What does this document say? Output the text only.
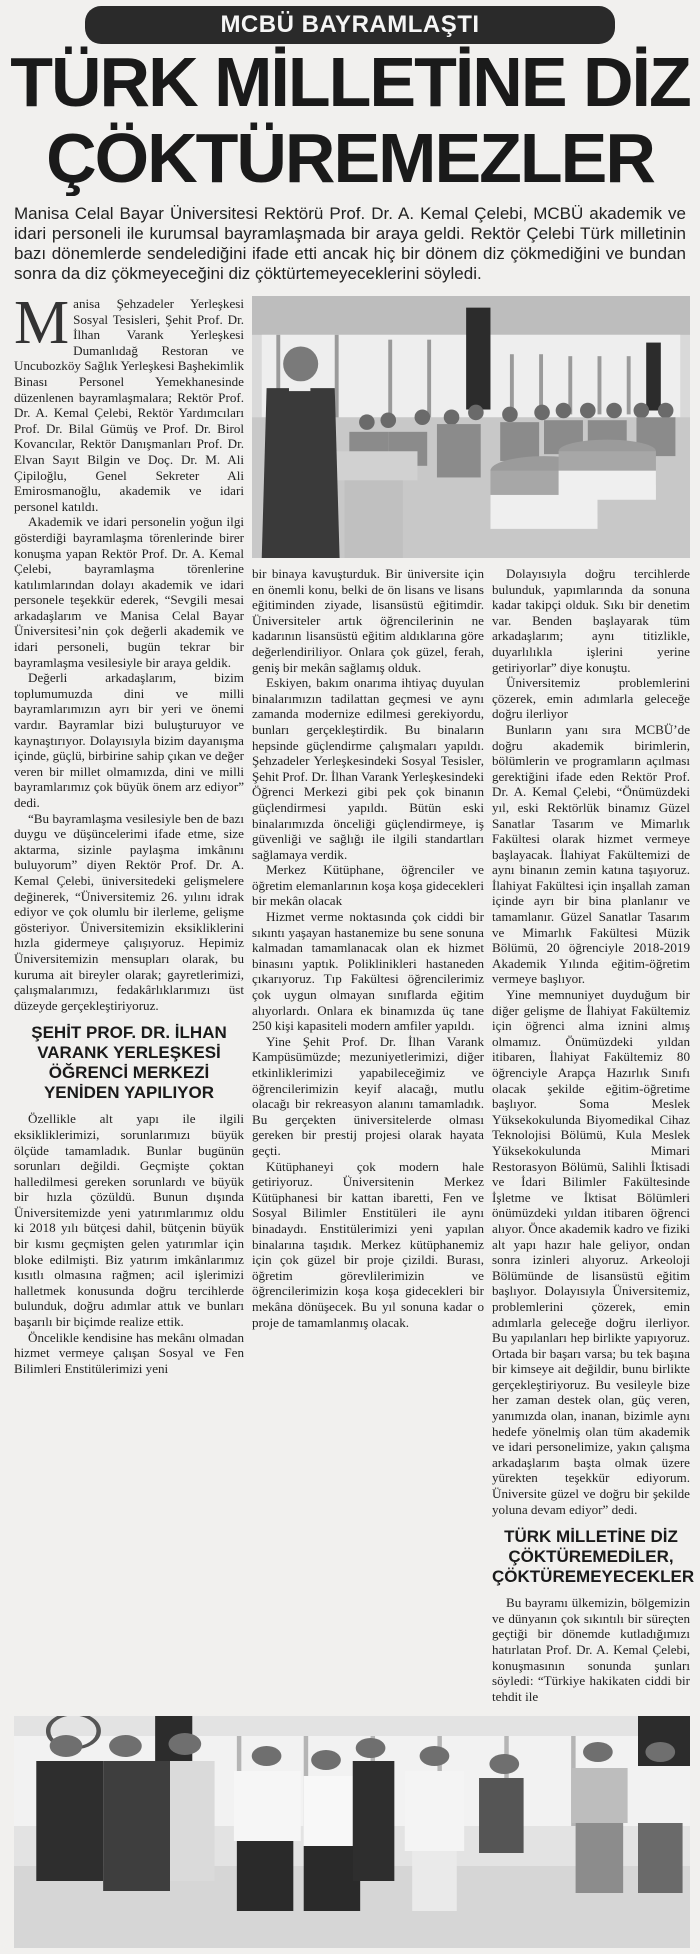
MCBÜ BAYRAMLAŞTI
TÜRK MİLLETİNE DİZ
ÇÖKTÜREMEZLER
Manisa Celal Bayar Üniversitesi Rektörü Prof. Dr. A. Kemal Çelebi, MCBÜ akademik ve idari personeli ile kurumsal bayramlaşmada bir araya geldi. Rektör Çelebi Türk milletinin bazı dönemlerde sendelediğini ifade etti ancak hiç bir dönem diz çökmediğini ve bundan sonra da diz çökmeyeceğini diz çöktürtemeyeceklerini söyledi.

Manisa Şehzadeler Yerleşkesi Sosyal Tesisleri, Şehit Prof. Dr. İlhan Varank Yerleşkesi Dumanlıdağ Restoran ve Uncubozköy Sağlık Yerleşkesi Başhekimlik Binası Personel Yemekhanesinde düzenlenen bayramlaşmalara; Rektör Prof. Dr. A. Kemal Çelebi, Rektör Yardımcıları Prof. Dr. Bilal Gümüş ve Prof. Dr. Birol Kovancılar, Rektör Danışmanları Prof. Dr. Elvan Sayıt Bilgin ve Doç. Dr. M. Ali Çipiloğlu, Genel Sekreter Ali Emirosmanoğlu, akademik ve idari personel katıldı.

Akademik ve idari personelin yoğun ilgi gösterdiği bayramlaşma törenlerinde birer konuşma yapan Rektör Prof. Dr. A. Kemal Çelebi, bayramlaşma törenlerine katılımlarından dolayı akademik ve idari personele teşekkür ederek, “Sevgili mesai arkadaşlarım ve Manisa Celal Bayar Üniversitesi’nin çok değerli akademik ve idari personeli, bugün tekrar bir bayramlaşma vesilesiyle bir araya geldik.

Değerli arkadaşlarım, bizim toplumumuzda dini ve milli bayramlarımızın ayrı bir yeri ve önemi vardır. Bayramlar bizi buluşturuyor ve kaynaştırıyor. Dolayısıyla bizim dayanışma içinde, güçlü, birbirine sahip çıkan ve değer veren bir millet olmamızda, dini ve milli bayramlarımız çok büyük önem arz ediyor” dedi.

“Bu bayramlaşma vesilesiyle ben de bazı duygu ve düşüncelerimi ifade etme, size aktarma, sizinle paylaşma imkânını buluyorum” diyen Rektör Prof. Dr. A. Kemal Çelebi, üniversitedeki gelişmelere değinerek, “Üniversitemiz 26. yılını idrak ediyor ve çok olumlu bir ilerleme, gelişme gösteriyor. Üniversitemizin eksikliklerini hızla gidermeye çalışıyoruz. Hepimiz Üniversitemizin mensupları olarak, bu kuruma ait bireyler olarak; gayretlerimizi, çalışmalarımızı, fedakârlıklarımızı üst düzeyde gerçekleştiriyoruz.

ŞEHİT PROF. DR. İLHAN VARANK YERLEŞKESİ ÖĞRENCİ MERKEZİ YENİDEN YAPILIYOR

Özellikle alt yapı ile ilgili eksikliklerimizi, sorunlarımızı büyük ölçüde tamamladık. Bunlar bugünün sorunları değildi. Geçmişte çoktan halledilmesi gereken sorunlardı ve büyük bir hızla çözüldü. Bunun dışında Üniversitemizde yeni yatırımlarımız oldu ki 2018 yılı bütçesi dahil, bütçenin büyük bir kısmı geçmişten gelen yatırımlar için bloke edilmişti. Biz yatırım imkânlarımız kısıtlı olmasına rağmen; acil işlerimizi halletmek konusunda doğru tercihlerde bulunduk, doğru adımlar attık ve bunları başarılı bir biçimde realize ettik.

Öncelikle kendisine has mekânı olmadan hizmet vermeye çalışan Sosyal ve Fen Bilimleri Enstitülerimizi yeni

bir binaya kavuşturduk. Bir üniversite için en önemli konu, belki de ön lisans ve lisans eğitiminden ziyade, lisansüstü eğitimdir. Üniversiteler artık öğrencilerinin ne kadarının lisansüstü eğitim aldıklarına göre değerlendiriliyor. Onlara çok güzel, ferah, geniş bir mekân sağlamış olduk.

Eskiyen, bakım onarıma ihtiyaç duyulan binalarımızın tadilattan geçmesi ve aynı zamanda modernize edilmesi gerekiyordu, bunları gerçekleştirdik. Bu binaların hepsinde güçlendirme çalışmaları yapıldı. Şehzadeler Yerleşkesindeki Sosyal Tesisler, Şehit Prof. Dr. İlhan Varank Yerleşkesindeki Öğrenci Merkezi gibi pek çok binanın güçlendirmesi yapıldı. Bütün eski binalarımızda önceliği güçlendirmeye, iş güvenliği ve sağlığı ile ilgili standartları sağlamaya verdik.

Merkez Kütüphane, öğrenciler ve öğretim elemanlarının koşa koşa gidecekleri bir mekân olacak

Hizmet verme noktasında çok ciddi bir sıkıntı yaşayan hastanemize bu sene sonuna kalmadan tamamlanacak olan ek hizmet binasını yaptık. Poliklinikleri hastaneden çıkarıyoruz. Tıp Fakültesi öğrencilerimiz çok uygun olmayan sınıflarda eğitim alıyorlardı. Onlara ek binamızda üç tane 250 kişi kapasiteli modern amfiler yapıldı.

Yine Şehit Prof. Dr. İlhan Varank Kampüsümüzde; mezuniyetlerimizi, diğer etkinliklerimizi yapabileceğimiz ve öğrencilerimizin keyif alacağı, mutlu olacağı bir rekreasyon alanını tamamladık. Bu gerçekten üniversitelerde olması gereken bir prestij projesi olarak hayata geçti.

Kütüphaneyi çok modern hale getiriyoruz. Üniversitenin Merkez Kütüphanesi bir kattan ibaretti, Fen ve Sosyal Bilimler Enstitüleri ile aynı binadaydı. Enstitülerimizi yeni yapılan binalarına taşıdık. Merkez kütüphanemiz için çok güzel bir proje çizildi. Burası, öğretim görevlilerimizin ve öğrencilerimizin koşa koşa gidecekleri bir mekâna dönüşecek. Bu yıl sonuna kadar o proje de tamamlanmış olacak.

Dolayısıyla doğru tercihlerde bulunduk, yapımlarında da sonuna kadar takipçi olduk. Sıkı bir denetim var. Benden başlayarak tüm arkadaşlarım; aynı titizlikle, duyarlılıkla işlerini yerine getiriyorlar” diye konuştu.

Üniversitemiz problemlerini çözerek, emin adımlarla geleceğe doğru ilerliyor

Bunların yanı sıra MCBÜ’de doğru akademik birimlerin, bölümlerin ve programların açılması gerektiğini ifade eden Rektör Prof. Dr. A. Kemal Çelebi, “Önümüzdeki yıl, eski Rektörlük binamız Güzel Sanatlar Tasarım ve Mimarlık Fakültesi olarak hizmet vermeye başlayacak. İlahiyat Fakültemizi de aynı binanın zemin katına taşıyoruz. İlahiyat Fakültesi için inşallah zaman içinde ayrı bir bina planlanır ve tamamlanır. Güzel Sanatlar Tasarım ve Mimarlık Fakültesi Müzik Bölümü, 20 öğrenciyle 2018-2019 Akademik Yılında eğitim-öğretim vermeye başlıyor.

Yine memnuniyet duyduğum bir diğer gelişme de İlahiyat Fakültemiz için öğrenci alma iznini almış olmamız. Önümüzdeki yıldan itibaren, İlahiyat Fakültemiz 80 öğrenciyle Arapça Hazırlık Sınıfı olacak şekilde eğitim-öğretime başlıyor. Soma Meslek Yüksekokulunda Biyomedikal Cihaz Teknolojisi Bölümü, Kula Meslek Yüksekokulunda Mimari Restorasyon Bölümü, Salihli İktisadi ve İdari Bilimler Fakültesinde İşletme ve İktisat Bölümleri önümüzdeki yıldan itibaren öğrenci alıyor. Önce akademik kadro ve fiziki alt yapı hazır hale geliyor, ondan sonra izinleri alıyoruz. Arkeoloji Bölümünde de lisansüstü eğitim başlıyor. Dolayısıyla Üniversitemiz, problemlerini çözerek, emin adımlarla geleceğe doğru ilerliyor. Bu yapılanları hep birlikte yapıyoruz. Ortada bir başarı varsa; bu tek başına bir kimseye ait değildir, bunu birlikte gerçekleştiriyoruz. Bu vesileyle bize her zaman destek olan, güç veren, yanımızda olan, inanan, bizimle aynı hedefe yönelmiş olan tüm akademik ve idari personelimize, yakın çalışma arkadaşlarım başta olmak üzere yürekten teşekkür ediyorum. Üniversite güzel ve doğru bir şekilde yoluna devam ediyor” dedi.

TÜRK MİLLETİNE DİZ ÇÖKTÜREMEDİLER, ÇÖKTÜREMEYECEKLER

Bu bayramı ülkemizin, bölgemizin ve dünyanın çok sıkıntılı bir süreçten geçtiği bir dönemde kutladığımızı hatırlatan Prof. Dr. A. Kemal Çelebi, konuşmasının sonunda şunları söyledi: “Türkiye hakikaten ciddi bir tehdit ile
